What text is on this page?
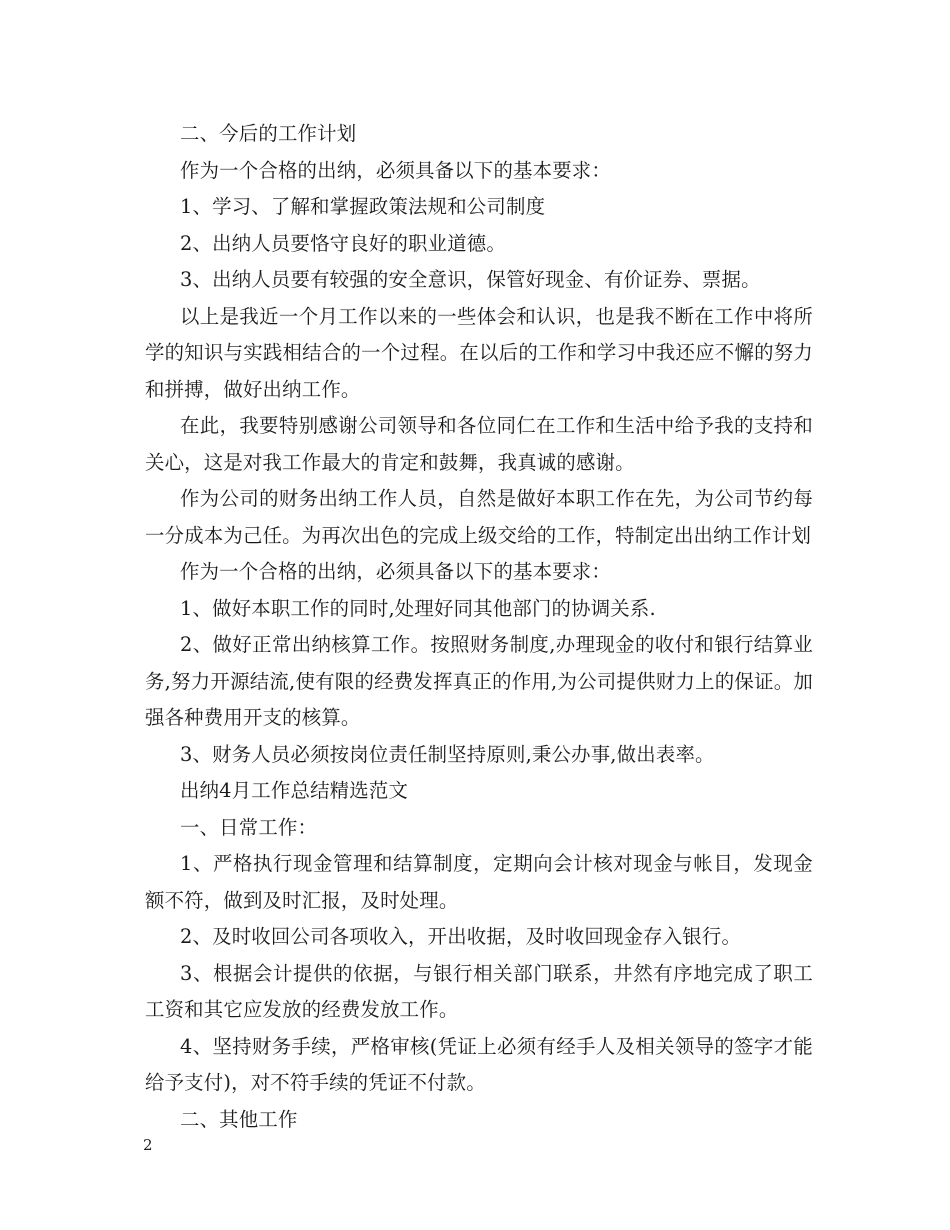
二、今后的工作计划

作为一个合格的出纳，必须具备以下的基本要求：

1、学习、了解和掌握政策法规和公司制度

2、出纳人员要恪守良好的职业道德。

3、出纳人员要有较强的安全意识，保管好现金、有价证券、票据。

以上是我近一个月工作以来的一些体会和认识，也是我不断在工作中将所学的知识与实践相结合的一个过程。在以后的工作和学习中我还应不懈的努力和拼搏，做好出纳工作。

在此，我要特别感谢公司领导和各位同仁在工作和生活中给予我的支持和关心，这是对我工作最大的肯定和鼓舞，我真诚的感谢。

作为公司的财务出纳工作人员，自然是做好本职工作在先，为公司节约每一分成本为己任。为再次出色的完成上级交给的工作，特制定出出纳工作计划

作为一个合格的出纳，必须具备以下的基本要求：

1、做好本职工作的同时,处理好同其他部门的协调关系.

2、做好正常出纳核算工作。按照财务制度,办理现金的收付和银行结算业务,努力开源结流,使有限的经费发挥真正的作用,为公司提供财力上的保证。加强各种费用开支的核算。

3、财务人员必须按岗位责任制坚持原则,秉公办事,做出表率。

出纳4月工作总结精选范文

一、日常工作：

1、严格执行现金管理和结算制度，定期向会计核对现金与帐目，发现金额不符，做到及时汇报，及时处理。

2、及时收回公司各项收入，开出收据，及时收回现金存入银行。

3、根据会计提供的依据，与银行相关部门联系，井然有序地完成了职工工资和其它应发放的经费发放工作。

4、坚持财务手续，严格审核(凭证上必须有经手人及相关领导的签字才能给予支付)，对不符手续的凭证不付款。

二、其他工作

2
